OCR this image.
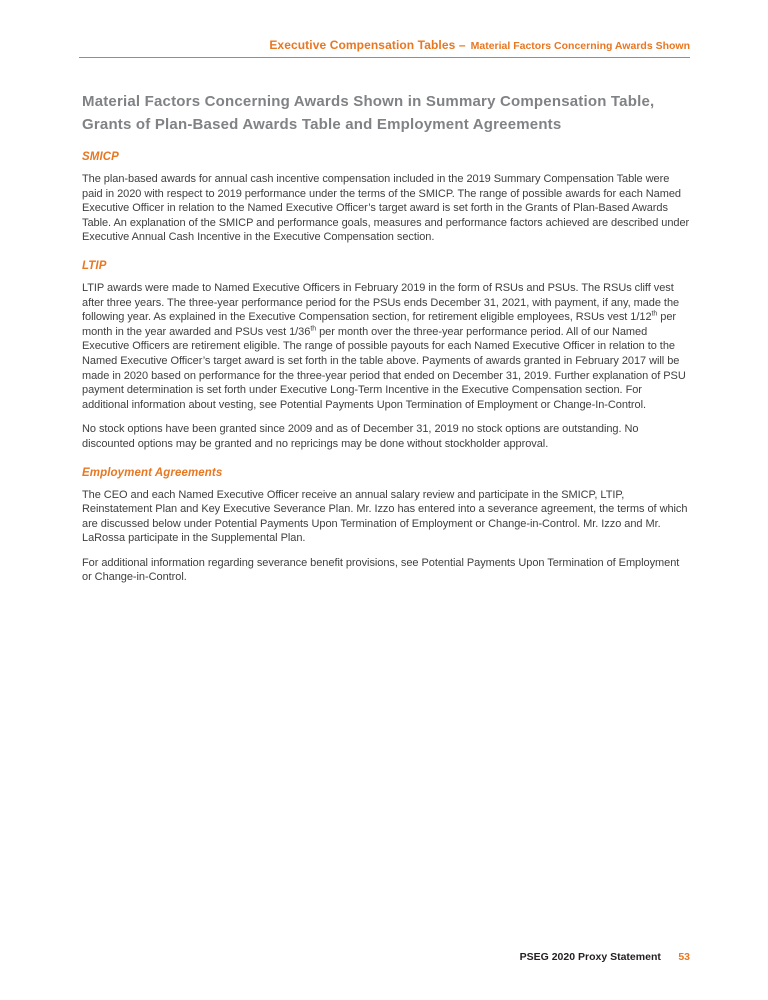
Executive Compensation Tables – Material Factors Concerning Awards Shown
Material Factors Concerning Awards Shown in Summary Compensation Table, Grants of Plan-Based Awards Table and Employment Agreements
SMICP

The plan-based awards for annual cash incentive compensation included in the 2019 Summary Compensation Table were paid in 2020 with respect to 2019 performance under the terms of the SMICP. The range of possible awards for each Named Executive Officer in relation to the Named Executive Officer’s target award is set forth in the Grants of Plan-Based Awards Table. An explanation of the SMICP and performance goals, measures and performance factors achieved are described under Executive Annual Cash Incentive in the Executive Compensation section.

LTIP

LTIP awards were made to Named Executive Officers in February 2019 in the form of RSUs and PSUs. The RSUs cliff vest after three years. The three-year performance period for the PSUs ends December 31, 2021, with payment, if any, made the following year. As explained in the Executive Compensation section, for retirement eligible employees, RSUs vest 1/12th per month in the year awarded and PSUs vest 1/36th per month over the three-year performance period. All of our Named Executive Officers are retirement eligible. The range of possible payouts for each Named Executive Officer in relation to the Named Executive Officer’s target award is set forth in the table above. Payments of awards granted in February 2017 will be made in 2020 based on performance for the three-year period that ended on December 31, 2019. Further explanation of PSU payment determination is set forth under Executive Long-Term Incentive in the Executive Compensation section. For additional information about vesting, see Potential Payments Upon Termination of Employment or Change-In-Control.

No stock options have been granted since 2009 and as of December 31, 2019 no stock options are outstanding. No discounted options may be granted and no repricings may be done without stockholder approval.

Employment Agreements

The CEO and each Named Executive Officer receive an annual salary review and participate in the SMICP, LTIP, Reinstatement Plan and Key Executive Severance Plan. Mr. Izzo has entered into a severance agreement, the terms of which are discussed below under Potential Payments Upon Termination of Employment or Change-in-Control. Mr. Izzo and Mr. LaRossa participate in the Supplemental Plan.

For additional information regarding severance benefit provisions, see Potential Payments Upon Termination of Employment or Change-in-Control.

PSEG 2020 Proxy Statement 53
